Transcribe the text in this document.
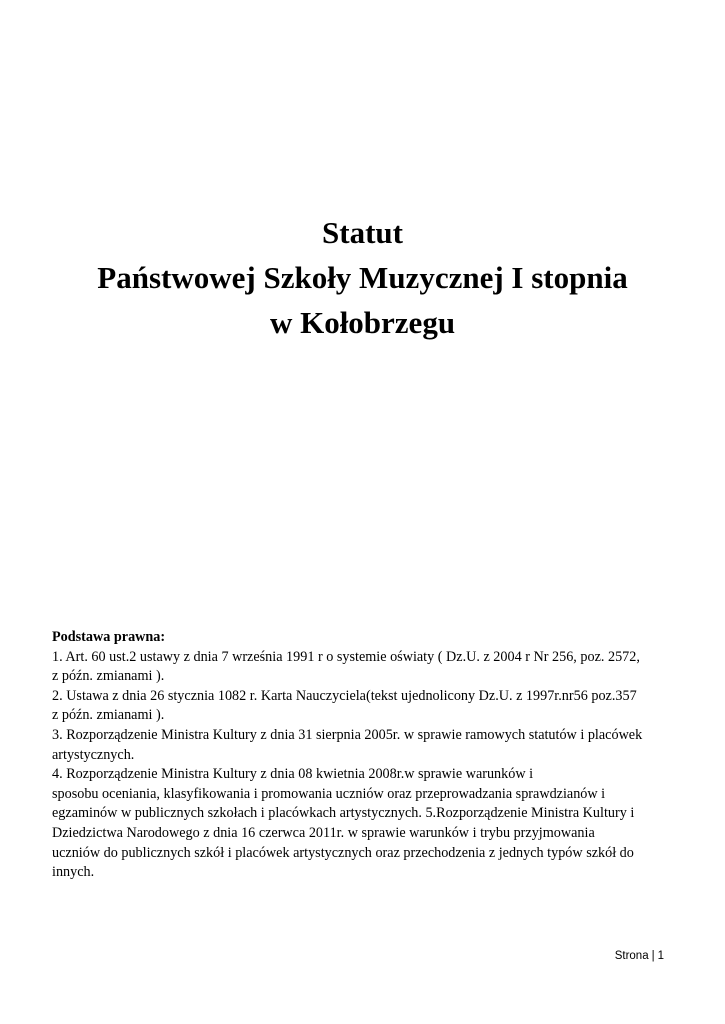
Statut
Państwowej Szkoły Muzycznej I stopnia
w Kołobrzegu
Podstawa prawna:
1. Art. 60 ust.2 ustawy z dnia 7 września 1991 r o systemie oświaty ( Dz.U. z 2004 r Nr 256, poz. 2572,
z późn. zmianami ).
2. Ustawa z dnia 26 stycznia 1082 r. Karta Nauczyciela(tekst ujednolicony Dz.U. z 1997r.nr56 poz.357
z późn. zmianami ).
3. Rozporządzenie Ministra Kultury z dnia 31 sierpnia 2005r. w sprawie ramowych statutów i placówek
artystycznych.
4. Rozporządzenie Ministra Kultury z dnia 08 kwietnia 2008r.w sprawie warunków i
sposobu oceniania, klasyfikowania i promowania uczniów oraz przeprowadzania sprawdzianów i
egzaminów w publicznych szkołach i placówkach artystycznych. 5.Rozporządzenie Ministra Kultury i
Dziedzictwa Narodowego z dnia 16 czerwca 2011r. w sprawie warunków i trybu przyjmowania
uczniów do publicznych szkół i placówek artystycznych oraz przechodzenia z jednych typów szkół do
innych.
Strona | 1
